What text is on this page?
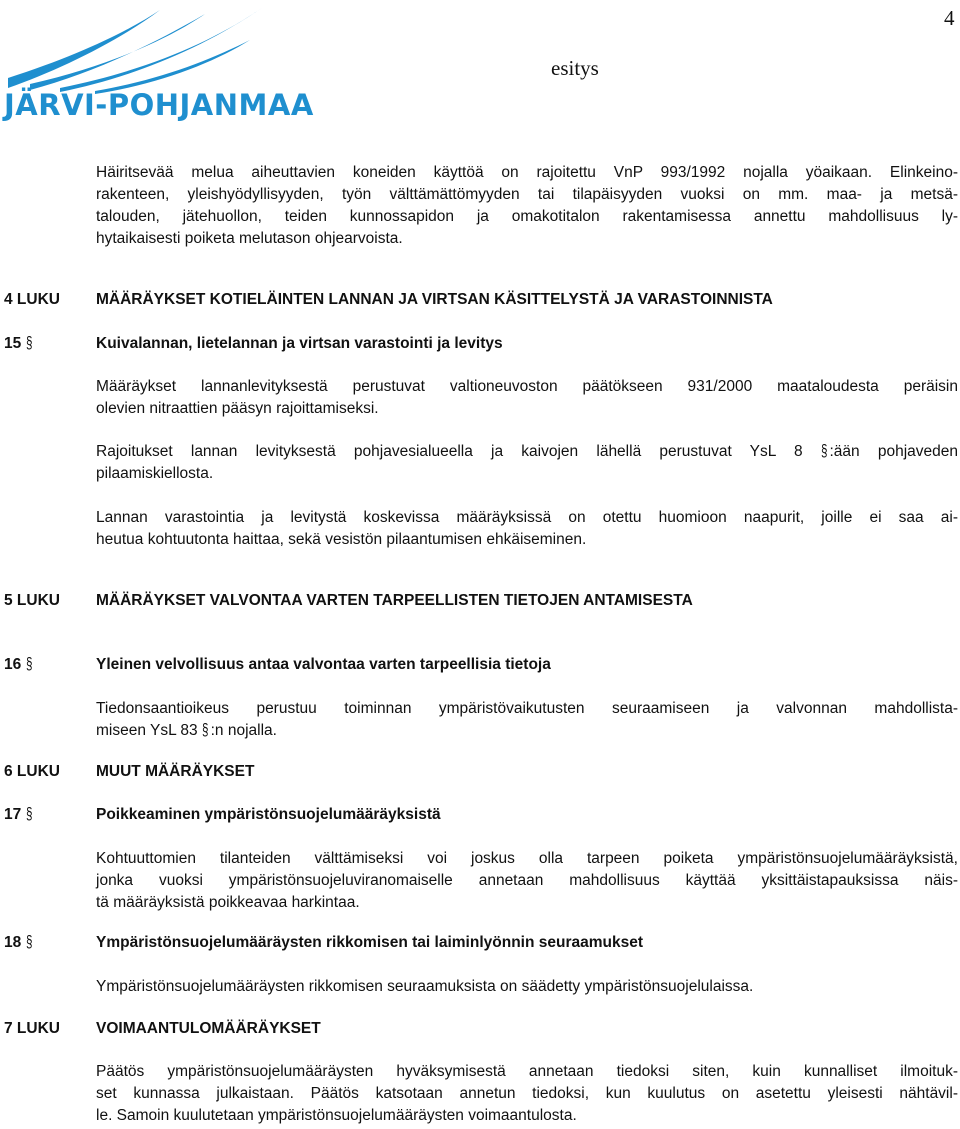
JÄRVI-POHJANMAA
esitys
4
Häiritsevää melua aiheuttavien koneiden käyttöä on rajoitettu VnP 993/1992 nojalla yöaikaan. Elinkeino-
rakenteen, yleishyödyllisyyden, työn välttämättömyyden tai tilapäisyyden vuoksi on mm. maa- ja metsä-
talouden, jätehuollon, teiden kunnossapidon ja omakotitalon rakentamisessa annettu mahdollisuus ly-
hytaikaisesti poiketa melutason ohjearvoista.
4 LUKU MÄÄRÄYKSET KOTIELÄINTEN LANNAN JA VIRTSAN KÄSITTELYSTÄ JA VARASTOINNISTA
15 §	Kuivalannan, lietelannan ja virtsan varastointi ja levitys
Määräykset lannanlevityksestä perustuvat valtioneuvoston päätökseen 931/2000 maataloudesta peräisin
olevien nitraattien pääsyn rajoittamiseksi.
Rajoitukset lannan levityksestä pohjavesialueella ja kaivojen lähellä perustuvat YsL 8 § :ään pohjaveden
pilaamiskiellosta.
Lannan varastointia ja levitystä koskevissa määräyksissä on otettu huomioon naapurit, joille ei saa ai-
heutua kohtuutonta haittaa, sekä vesistön pilaantumisen ehkäiseminen.
5 LUKU MÄÄRÄYKSET VALVONTAA VARTEN TARPEELLISTEN TIETOJEN ANTAMISESTA
16 §	Yleinen velvollisuus antaa valvontaa varten tarpeellisia tietoja
Tiedonsaantioikeus perustuu toiminnan ympäristövaikutusten seuraamiseen ja valvonnan mahdollista-
miseen YsL 83 § :n nojalla.
6 LUKU MUUT MÄÄRÄYKSET
17 §	Poikkeaminen ympäristönsuojelumääräyksistä
Kohtuuttomien tilanteiden välttämiseksi voi joskus olla tarpeen poiketa ympäristönsuojelumääräyksistä,
jonka vuoksi ympäristönsuojeluviranomaiselle annetaan mahdollisuus käyttää yksittäistapauksissa näis-
tä määräyksistä poikkeavaa harkintaa.
18 §	Ympäristönsuojelumääräysten rikkomisen tai laiminlyönnin seuraamukset
Ympäristönsuojelumääräysten rikkomisen seuraamuksista on säädetty ympäristönsuojelulaissa.
7 LUKU VOIMAANTULOMÄÄRÄYKSET
Päätös ympäristönsuojelumääräysten hyväksymisestä annetaan tiedoksi siten, kuin kunnalliset ilmoituk-
set kunnassa julkaistaan. Päätös katsotaan annetun tiedoksi, kun kuulutus on asetettu yleisesti nähtävil-
le. Samoin kuulutetaan ympäristönsuojelumääräysten voimaantulosta.
